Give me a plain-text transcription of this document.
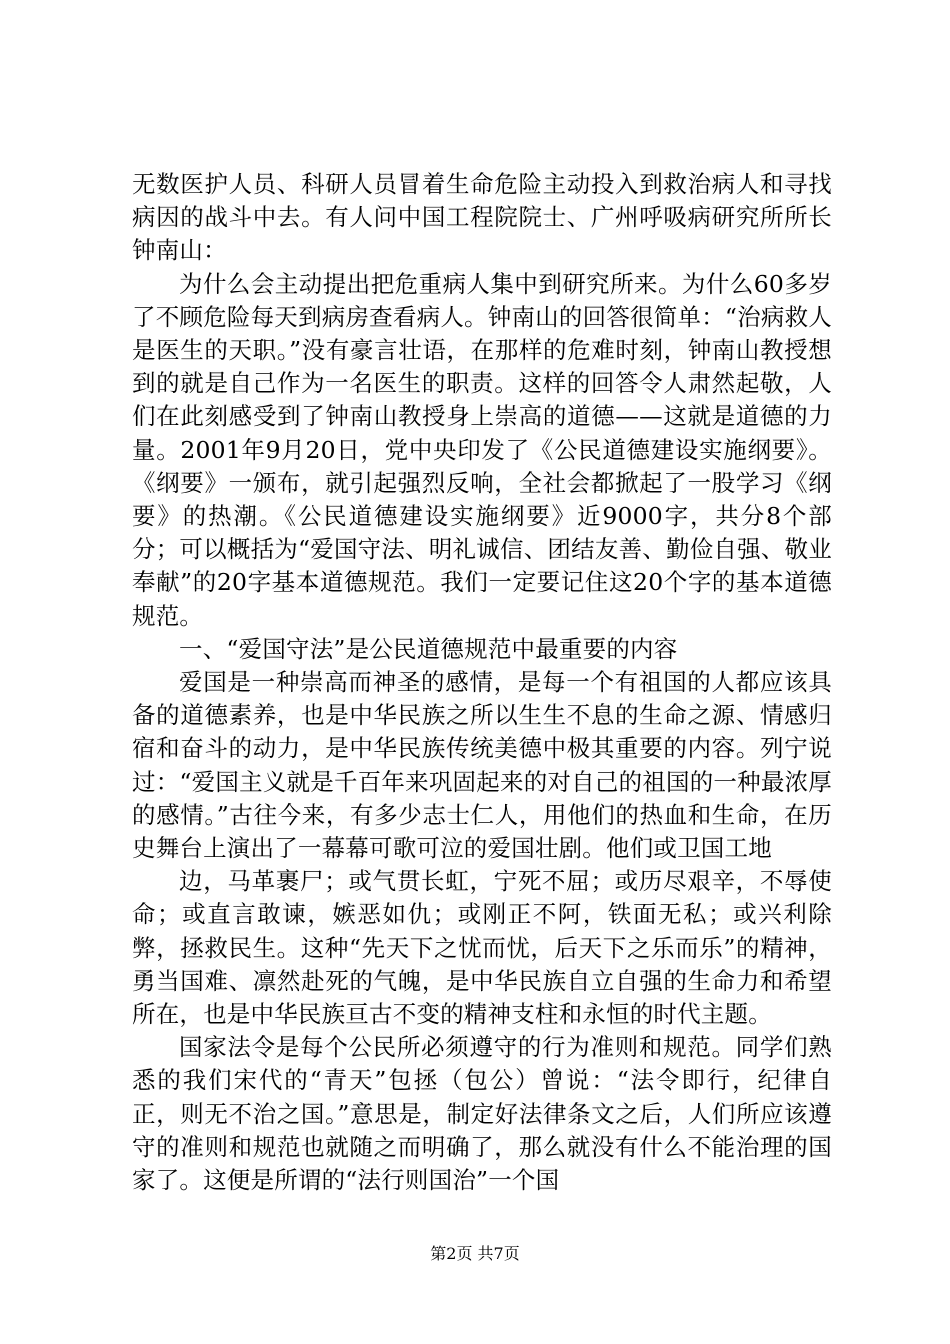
无数医护人员、科研人员冒着生命危险主动投入到救治病人和寻找病因的战斗中去。有人问中国工程院院士、广州呼吸病研究所所长钟南山：

为什么会主动提出把危重病人集中到研究所来。为什么60多岁了不顾危险每天到病房查看病人。钟南山的回答很简单：“治病救人是医生的天职。”没有豪言壮语，在那样的危难时刻，钟南山教授想到的就是自己作为一名医生的职责。这样的回答令人肃然起敬，人们在此刻感受到了钟南山教授身上崇高的道德——这就是道德的力量。2001年9月20日，党中央印发了《公民道德建设实施纲要》。《纲要》一颁布，就引起强烈反响，全社会都掀起了一股学习《纲要》的热潮。《公民道德建设实施纲要》近9000字，共分8个部分；可以概括为“爱国守法、明礼诚信、团结友善、勤俭自强、敬业奉献”的20字基本道德规范。我们一定要记住这20个字的基本道德规范。

一、“爱国守法”是公民道德规范中最重要的内容

爱国是一种崇高而神圣的感情，是每一个有祖国的人都应该具备的道德素养，也是中华民族之所以生生不息的生命之源、情感归宿和奋斗的动力，是中华民族传统美德中极其重要的内容。列宁说过：“爱国主义就是千百年来巩固起来的对自己的祖国的一种最浓厚的感情。”古往今来，有多少志士仁人，用他们的热血和生命，在历史舞台上演出了一幕幕可歌可泣的爱国壮剧。他们或卫国工地

边，马革裹尸；或气贯长虹，宁死不屈；或历尽艰辛，不辱使命；或直言敢谏，嫉恶如仇；或刚正不阿，铁面无私；或兴利除弊，拯救民生。这种“先天下之忧而忧，后天下之乐而乐”的精神，勇当国难、凛然赴死的气魄，是中华民族自立自强的生命力和希望所在，也是中华民族亘古不变的精神支柱和永恒的时代主题。

国家法令是每个公民所必须遵守的行为准则和规范。同学们熟悉的我们宋代的“青天”包拯（包公）曾说：“法令即行，纪律自正，则无不治之国。”意思是，制定好法律条文之后，人们所应该遵守的准则和规范也就随之而明确了，那么就没有什么不能治理的国家了。这便是所谓的“法行则国治”一个国

第2页 共7页
